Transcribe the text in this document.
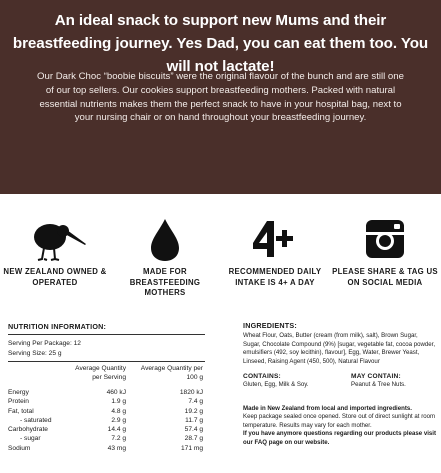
An ideal snack to support new Mums and their breastfeeding journey. Yes Dad, you can eat them too. You will not lactate!
Our Dark Choc “boobie biscuits” were the original flavour of the bunch and are still one of our top sellers. Our cookies support breastfeeding mothers. Packed with natural essential nutrients makes them the perfect snack to have in your hospital bag, next to your nursing chair or on hand throughout your breastfeeding journey.
NEW ZEALAND OWNED & OPERATED
MADE FOR BREASTFEEDING MOTHERS
RECOMMENDED DAILY INTAKE IS 4+ A DAY
PLEASE SHARE & TAG US ON SOCIAL MEDIA
NUTRITION INFORMATION:
Serving Per Package: 12
Serving Size: 25 g
Average Quantity per Serving
Average Quantity per 100 g
Energy	460 kJ	1820 kJ
Protein	1.9 g	7.4 g
Fat, total	4.8 g	19.2 g
- saturated	2.9 g	11.7 g
Carbohydrate	14.4 g	57.4 g
- sugar	7.2 g	28.7 g
Sodium	43 mg	171 mg
INGREDIENTS:
Wheat Flour, Oats, Butter (cream (from milk), salt), Brown Sugar, Sugar, Chocolate Compound (9%) [sugar, vegetable fat, cocoa powder, emulsifiers (492, soy lecithin), flavour], Egg, Water, Brewer Yeast, Linseed, Raising Agent (450, 500), Natural Flavour
CONTAINS:
Gluten, Egg, Milk & Soy.
MAY CONTAIN:
Peanut & Tree Nuts.
Made in New Zealand from local and imported ingredients.
Keep package sealed once opened. Store out of direct sunlight at room temperature. Results may vary for each mother.
If you have anymore questions regarding our products please visit our FAQ page on our website.
